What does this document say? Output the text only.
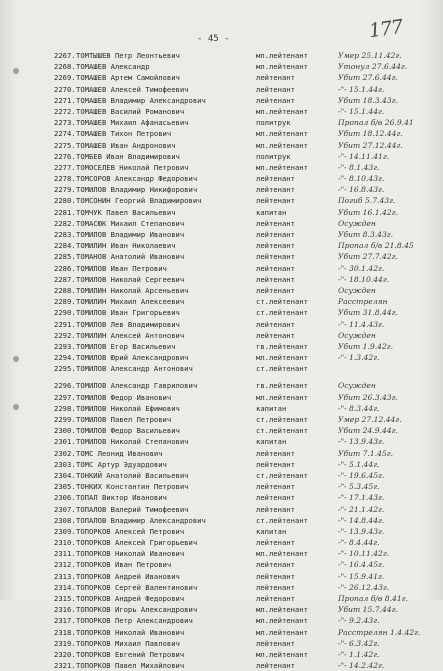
177
- 45 -
2267. ТОМТЫШЕВ Петр Леонтьевич	мл.лейтенант	Умер 25.11.42г.
2268. ТОМАШЕВ Александр	мл.лейтенант	Утонул 27.6.44г.
2269. ТОМАШЕВ Артем Самойлович	лейтенант	Убит 27.6.44г.
2270. ТОМАШЕВ Алексей Тимофеевич	лейтенант	-"- 15.1.44г.
2271. ТОМАШЕВ Владимир Александрович	лейтенант	Убит 18.3.43г.
2272. ТОМАШЕВ Василий Романович	мл.лейтенант	-"- 15.1.44г.
2273. ТОМАШЕВ Михаил Афанасьевич	политрук	Пропал б/в 26.9.41
2274. ТОМАШЕВ Тихон Петрович	мл.лейтенант	Убит 18.12.44г.
2275. ТОМАШЕВ Иван Андронович	мл.лейтенант	Убит 27.12.44г.
2276. ТОМБЕВ Иван Владимирович	политрук	-"- 14.11.41г.
2277. ТОМОСЕЛЕВ Николай Петрович	мл.лейтенант	-"- 8.1.43г.
2278. ТОМСОРОВ Александр Федорович	лейтенант	-"- 8.10.43г.
2279. ТОМИЛОВ Владимир Никифорович	лейтенант	-"- 16.8.43г.
2280. ТОМСОНИН Георгий Владимирович	лейтенант	Погиб 5.7.43г.
2281. ТОМЧУК Павел Васильевич	капитан	Убит 16.1.42г.
2282. ТОМАСЮК Михаил Степанович	лейтенант	Осужден
2283. ТОМИЛОВ Владимир Иванович	лейтенант	Убит 8.3.43г.
2284. ТОМИЛИН Иван Николаевич	лейтенант	Пропал б/в 21.8.45
2285. ТОМАНОВ Анатолий Иванович	лейтенант	Убит 27.7.42г.
2286. ТОМИЛОВ Иван Петрович	лейтенант	-"- 30.1.42г.
2287. ТОМИЛОВ Николай Сергеевич	лейтенант	-"- 18.10.44г.
2288. ТОМИЛИН Николай Арсеньевич	лейтенант	Осужден
2289. ТОМИЛИН Михаил Алексеевич	ст.лейтенант	Расстрелян
2290. ТОМИЛОВ Иван Григорьевич	ст.лейтенант	Убит 31.8.44г.
2291. ТОМИЛОВ Лев Владимирович	лейтенант	-"- 11.4.43г.
2292. ТОМИЛИН Алексей Антонович	лейтенант	Осужден
2293. ТОМИЛОВ Егор Васильевич	гв.лейтенант	Убит 1.9.42г.
2294. ТОМИЛОВ Юрий Александрович	мл.лейтенант	-"- 1.3.42г.
2295. ТОМИЛОВ Александр Антонович	ст.лейтенант
2296. ТОМИЛОВ Александр Гаврилович	гв.лейтенант	Осужден
2297. ТОМИЛОВ Федор Иванович	мл.лейтенант	Убит 26.3.43г.
2298. ТОМИЛОВ Николай Ефимович	капитан	-"- 8.3.44г.
2299. ТОМИЛОВ Павел Петрович	ст.лейтенант	Умер 27.12.44г.
2300. ТОМИЛОВ Федор Васильевич	ст.лейтенант	Убит 24.9.44г.
2301. ТОМИЛОВ Николай Степанович	капитан	-"- 13.9.43г.
2302. ТОМС Леонид Иванович	лейтенант	Убит 7.1.45г.
2303. ТОМС Артур Эдуардович	лейтенант	-"- 5.1.44г.
2304. ТОНКИЙ Анатолий Васильевич	ст.лейтенант	-"- 19.6.45г.
2305. ТОНКИХ Константин Петрович	лейтенант	-"- 5.3.45г.
2306. ТОПАЛ Виктор Иванович	лейтенант	-"- 17.1.43г.
2307. ТОПАЛОВ Валерий Тимофеевич	лейтенант	-"- 21.1.42г.
2308. ТОПАЛОВ Владимир Александрович	ст.лейтенант	-"- 14.8.44г.
2309. ТОПОРКОВ Алексей Петрович	капитан	-"- 13.9.43г.
2310. ТОПОРКОВ Алексей Григорьевич	лейтенант	-"- 8.4.44г.
2311. ТОПОРКОВ Николай Иванович	мл.лейтенант	-"- 10.11.42г.
2312. ТОПОРКОВ Иван Петрович	лейтенант	-"- 16.4.45г.
2313. ТОПОРКОВ Андрей Иванович	лейтенант	-"- 15.9.41г.
2314. ТОПОРКОВ Сергей Валентинович	лейтенант	-"- 26.12.43г.
2315. ТОПОРКОВ Андрей Федорович	лейтенант	Пропал б/в 8.41г.
2316. ТОПОРКОВ Игорь Александрович	мл.лейтенант	Убит 15.7.44г.
2317. ТОПОРКОВ Петр Александрович	мл.лейтенант	-"- 9.2.43г.
2318. ТОПОРКОВ Николай Иванович	мл.лейтенант	Расстрелян 1.4.42г.
2319. ТОПОРКОВ Михаил Павлович	лейтенант	-"- 6.3.42г.
2320. ТОПОРКОВ Евгений Петрович	мл.лейтенант	-"- 1.1.42г.
2321. ТОПОРКОВ Павел Михайлович	лейтенант	-"- 14.2.42г.
